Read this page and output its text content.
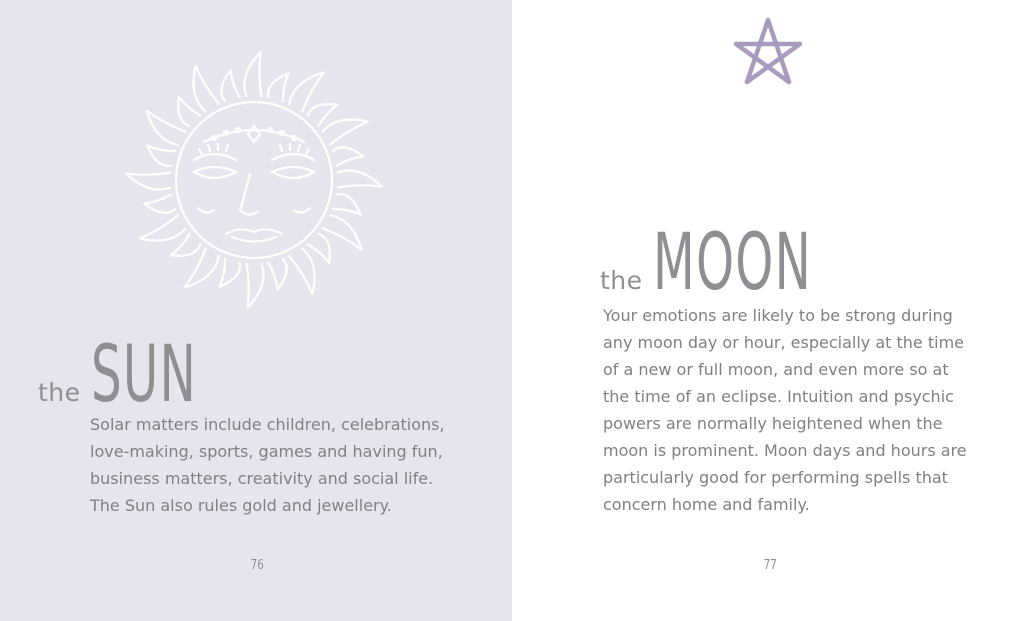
the SUN

Solar matters include children, celebrations, love-making, sports, games and having fun, business matters, creativity and social life. The Sun also rules gold and jewellery.

76
the MOON

Your emotions are likely to be strong during any moon day or hour, especially at the time of a new or full moon, and even more so at the time of an eclipse. Intuition and psychic powers are normally heightened when the moon is prominent. Moon days and hours are particularly good for performing spells that concern home and family.

77
